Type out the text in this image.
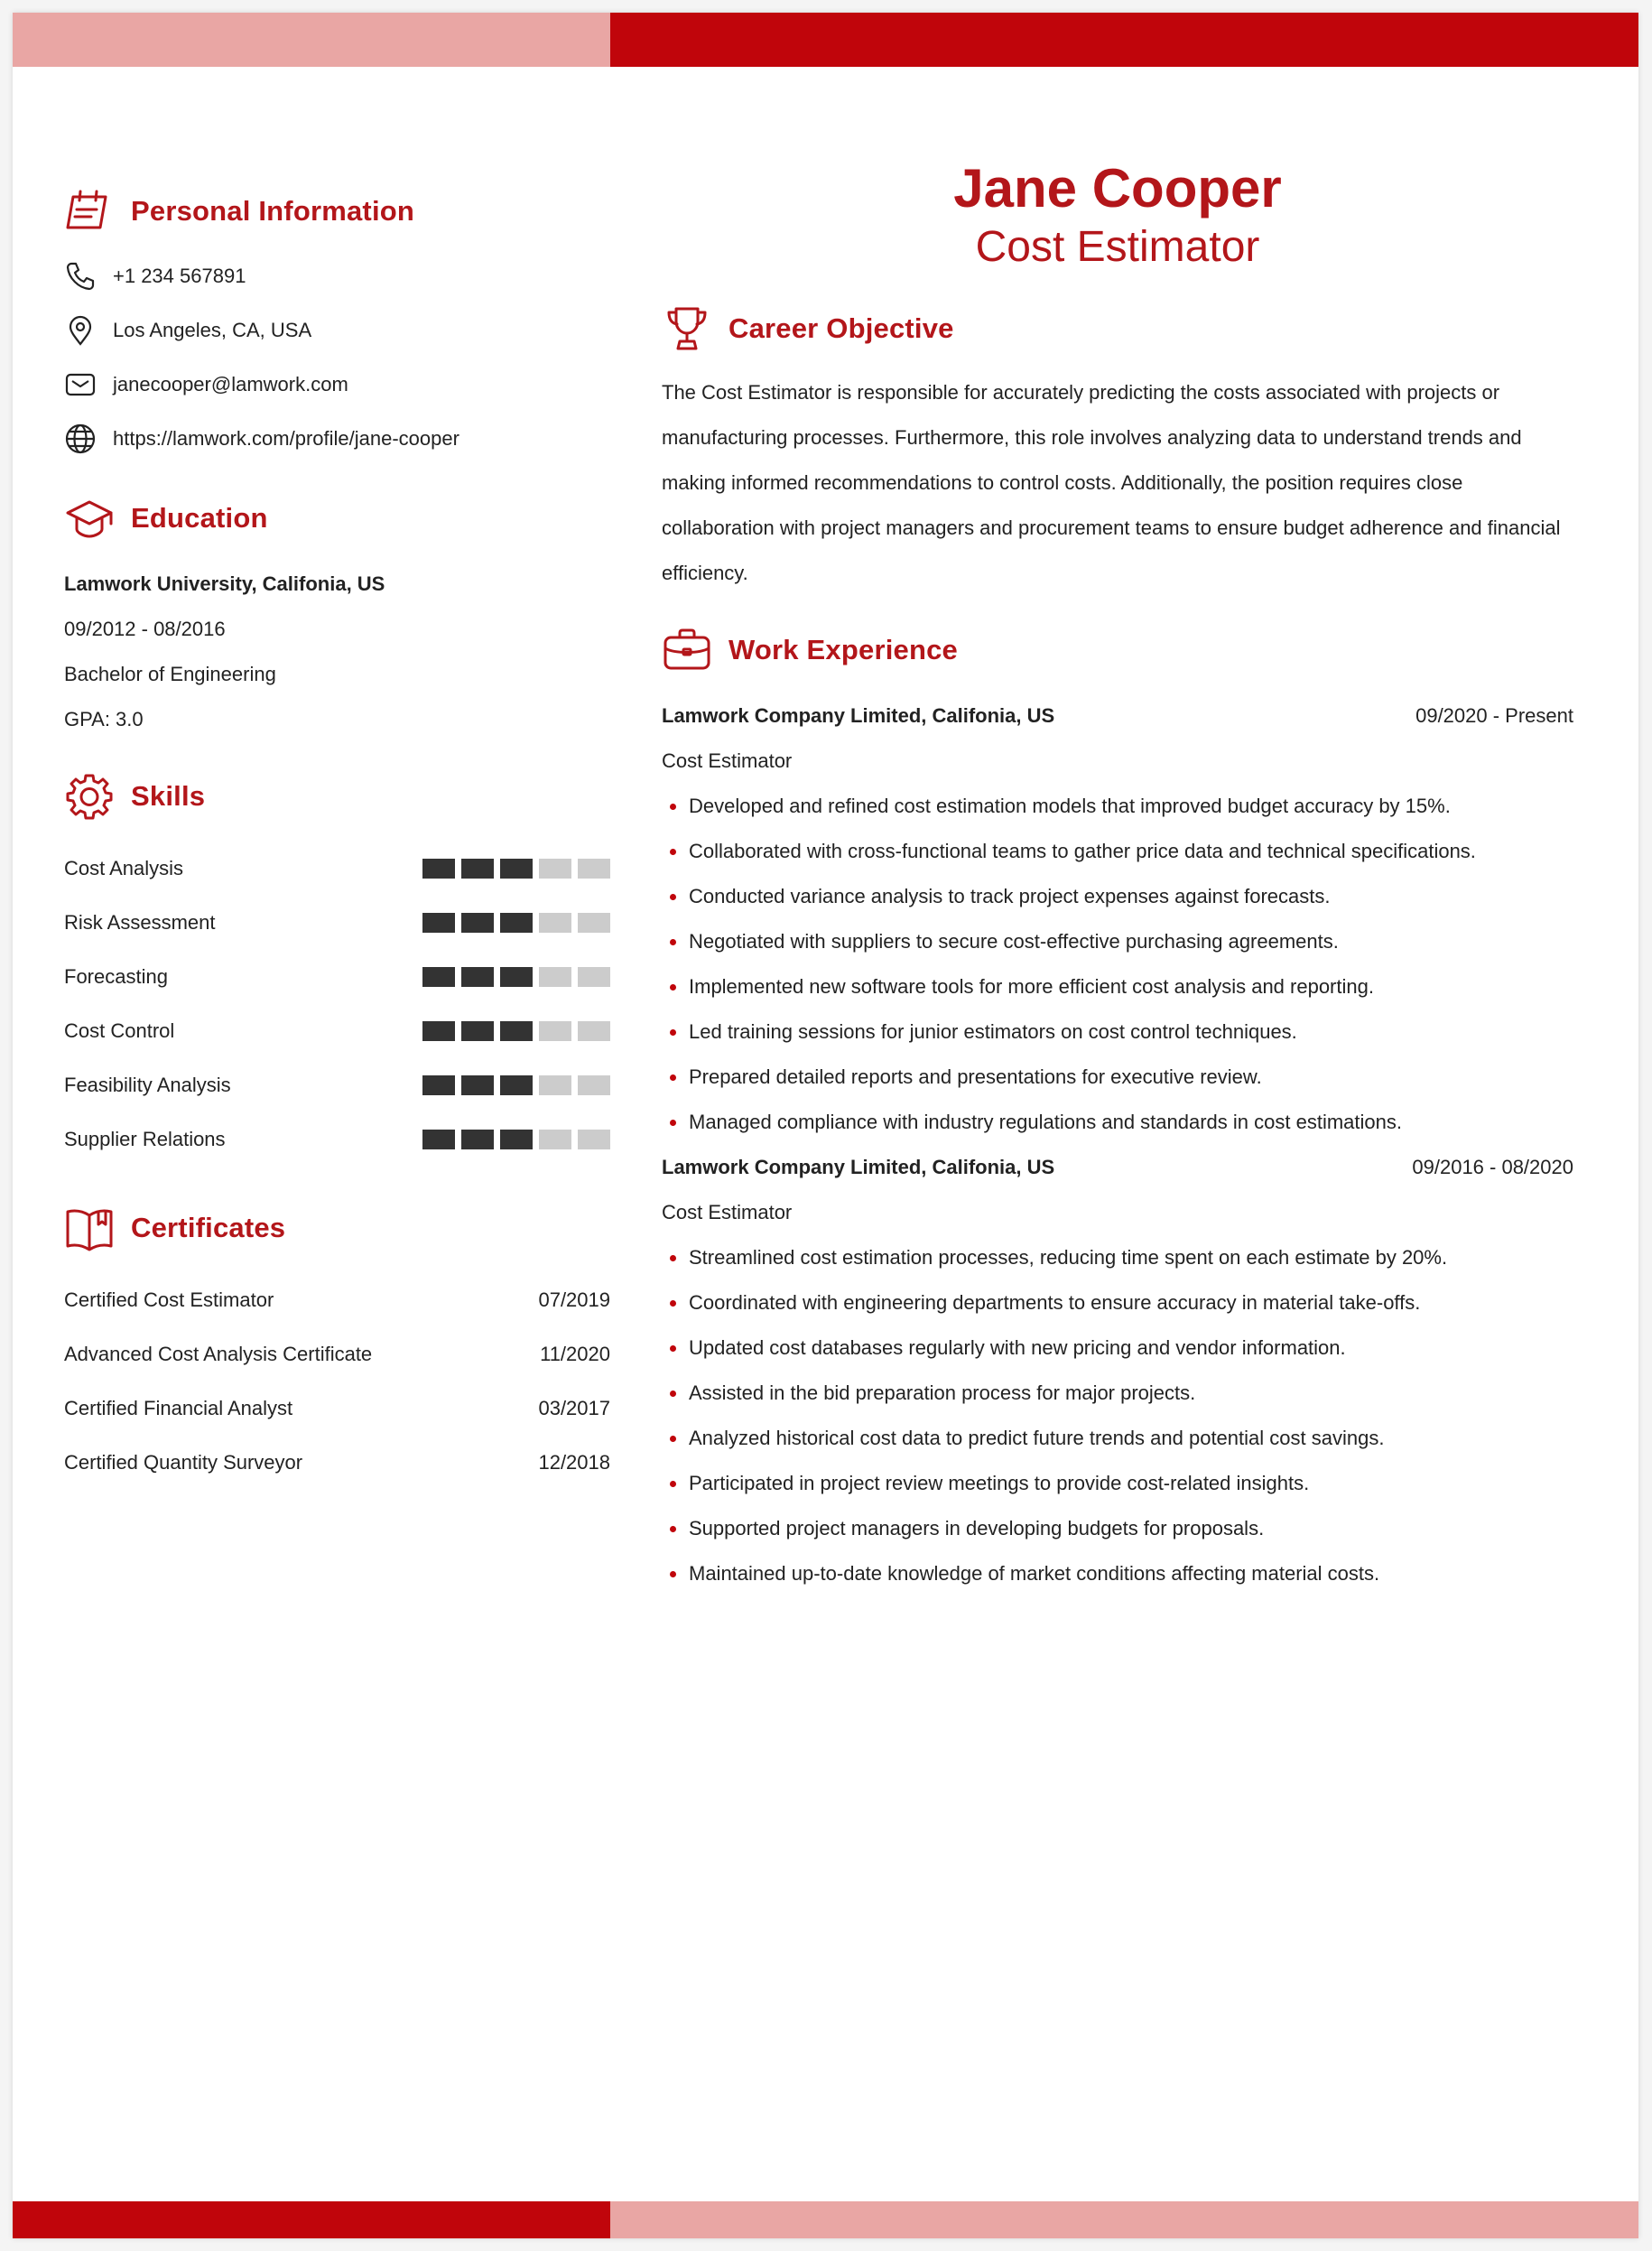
Personal Information
+1 234 567891
Los Angeles, CA, USA
janecooper@lamwork.com
https://lamwork.com/profile/jane-cooper
Education
Lamwork University, Califonia, US
09/2012 - 08/2016
Bachelor of Engineering
GPA: 3.0
Skills
Cost Analysis
Risk Assessment
Forecasting
Cost Control
Feasibility Analysis
Supplier Relations
Certificates
Certified Cost Estimator	07/2019
Advanced Cost Analysis Certificate	11/2020
Certified Financial Analyst	03/2017
Certified Quantity Surveyor	12/2018
Jane Cooper
Cost Estimator
Career Objective
The Cost Estimator is responsible for accurately predicting the costs associated with projects or
manufacturing processes. Furthermore, this role involves analyzing data to understand trends and
making informed recommendations to control costs. Additionally, the position requires close
collaboration with project managers and procurement teams to ensure budget adherence and financial
efficiency.
Work Experience
Lamwork Company Limited, Califonia, US	09/2020 - Present
Cost Estimator
Developed and refined cost estimation models that improved budget accuracy by 15%.
Collaborated with cross-functional teams to gather price data and technical specifications.
Conducted variance analysis to track project expenses against forecasts.
Negotiated with suppliers to secure cost-effective purchasing agreements.
Implemented new software tools for more efficient cost analysis and reporting.
Led training sessions for junior estimators on cost control techniques.
Prepared detailed reports and presentations for executive review.
Managed compliance with industry regulations and standards in cost estimations.
Lamwork Company Limited, Califonia, US	09/2016 - 08/2020
Cost Estimator
Streamlined cost estimation processes, reducing time spent on each estimate by 20%.
Coordinated with engineering departments to ensure accuracy in material take-offs.
Updated cost databases regularly with new pricing and vendor information.
Assisted in the bid preparation process for major projects.
Analyzed historical cost data to predict future trends and potential cost savings.
Participated in project review meetings to provide cost-related insights.
Supported project managers in developing budgets for proposals.
Maintained up-to-date knowledge of market conditions affecting material costs.
